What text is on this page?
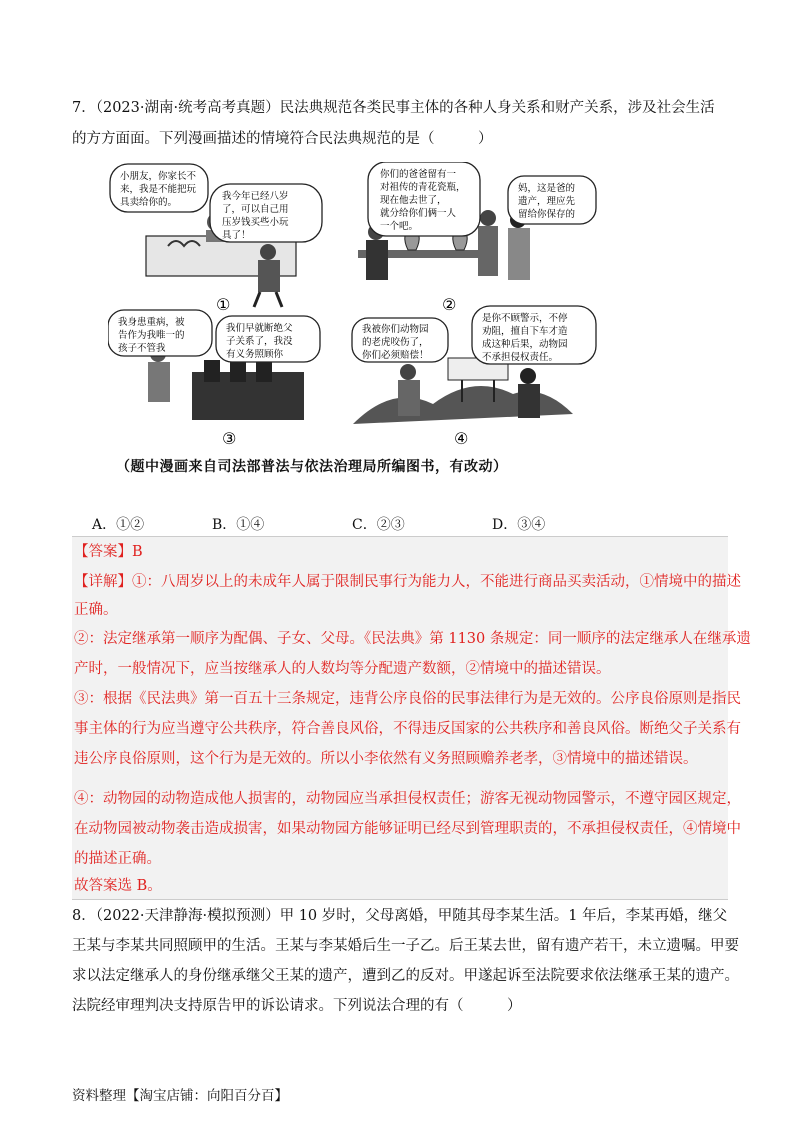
7．（2023·湖南·统考高考真题）民法典规范各类民事主体的各种人身关系和财产关系，涉及社会生活
的方方面面。下列漫画描述的情境符合民法典规范的是（　　　）
小朋友，你家长不
来，我是不能把玩
具卖给你的。
我今年已经八岁
了，可以自己用
压岁钱买些小玩
具了！
①
你们的爸爸留有一
对祖传的青花瓷瓶，
现在他去世了，
就分给你们俩一人
一个吧。
妈，这是爸的
遗产，理应先
留给你保存的
②
我身患重病，被
告作为我唯一的
孩子不管我
我们早就断绝父
子关系了，我没
有义务照顾你
③
我被你们动物园
的老虎咬伤了，
你们必须赔偿！
是你不顾警示，不停
劝阻，擅自下车才造
成这种后果，动物园
不承担侵权责任。
④
（题中漫画来自司法部普法与依法治理局所编图书，有改动）
A．①②	B．①④	C．②③	D．③④
【答案】B
【详解】①：八周岁以上的未成年人属于限制民事行为能力人，不能进行商品买卖活动，①情境中的描述
正确。
②：法定继承第一顺序为配偶、子女、父母。《民法典》第 1130 条规定：同一顺序的法定继承人在继承遗
产时，一般情况下，应当按继承人的人数均等分配遗产数额，②情境中的描述错误。
③：根据《民法典》第一百五十三条规定，违背公序良俗的民事法律行为是无效的。公序良俗原则是指民
事主体的行为应当遵守公共秩序，符合善良风俗，不得违反国家的公共秩序和善良风俗。断绝父子关系有
违公序良俗原则，这个行为是无效的。所以小李依然有义务照顾赡养老孝，③情境中的描述错误。
④：动物园的动物造成他人损害的，动物园应当承担侵权责任；游客无视动物园警示，不遵守园区规定，
在动物园被动物袭击造成损害，如果动物园方能够证明已经尽到管理职责的，不承担侵权责任，④情境中
的描述正确。
故答案选 B。
8．（2022·天津静海·模拟预测）甲 10 岁时，父母离婚，甲随其母李某生活。1 年后，李某再婚，继父
王某与李某共同照顾甲的生活。王某与李某婚后生一子乙。后王某去世，留有遗产若干，未立遗嘱。甲要
求以法定继承人的身份继承继父王某的遗产，遭到乙的反对。甲遂起诉至法院要求依法继承王某的遗产。
法院经审理判决支持原告甲的诉讼请求。下列说法合理的有（　　　）
资料整理【淘宝店铺：向阳百分百】
